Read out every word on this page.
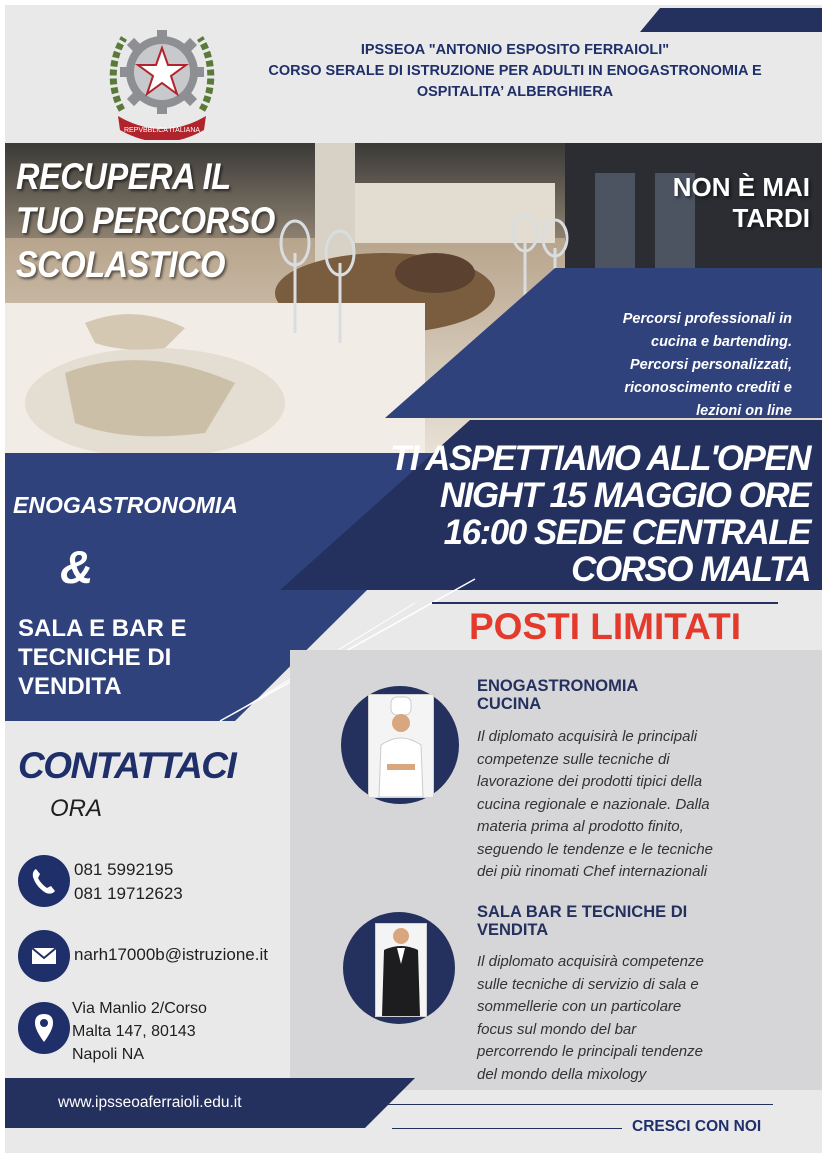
REPVBBLICA ITALIANA
IPSSEOA "ANTONIO ESPOSITO FERRAIOLI"
CORSO SERALE DI ISTRUZIONE PER ADULTI IN ENOGASTRONOMIA E
OSPITALITA’ ALBERGHIERA
RECUPERA IL
TUO PERCORSO
SCOLASTICO
NON È MAI
TARDI
Percorsi professionali in
cucina e bartending.
Percorsi personalizzati,
riconoscimento crediti e
lezioni on line
ENOGASTRONOMIA
&
SALA E BAR E
TECNICHE DI
VENDITA
TI ASPETTIAMO ALL'OPEN
NIGHT 15 MAGGIO ORE
16:00 SEDE CENTRALE
CORSO MALTA
POSTI LIMITATI
ENOGASTRONOMIA
CUCINA
Il diplomato acquisirà le principali
competenze sulle tecniche di
lavorazione dei prodotti tipici della
cucina regionale e nazionale. Dalla
materia prima al prodotto finito,
seguendo le tendenze e le tecniche
dei più rinomati Chef internazionali
SALA BAR E TECNICHE DI
VENDITA
Il diplomato acquisirà competenze
sulle tecniche di servizio di sala e
sommellerie con un particolare
focus sul mondo del bar
percorrendo le principali tendenze
del mondo della mixology
CONTATTACI
ORA
081 5992195
081 19712623
narh17000b@istruzione.it
Via Manlio 2/Corso
Malta 147, 80143
Napoli NA
www.ipsseoaferraioli.edu.it
CRESCI CON NOI
